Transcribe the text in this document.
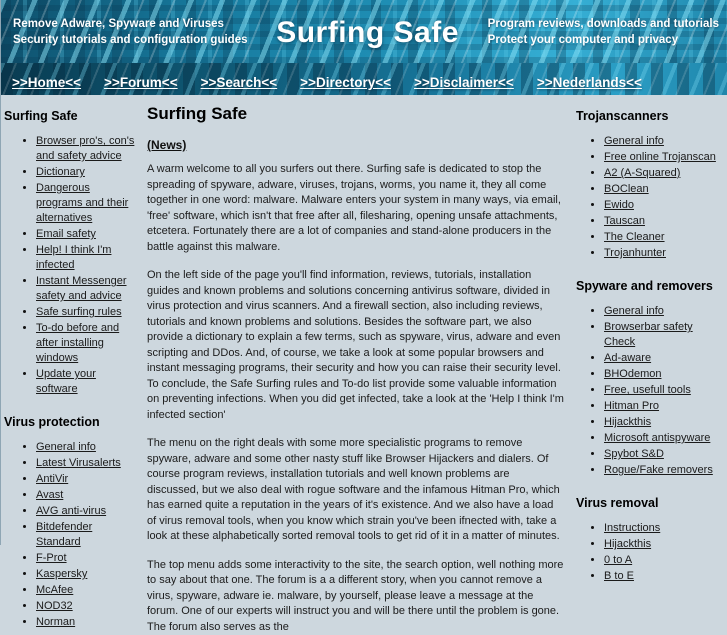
Remove Adware, Spyware and Viruses
Security tutorials and configuration guides Surfing Safe	Program reviews, downloads and tutorials
Protect your computer and privacy
>>Home<< >>Forum<< >>Search<< >>Directory<< >>Disclaimer<< >>Nederlands<<
Surfing Safe
• Browser pro's, con's and safety advice
• Dictionary
• Dangerous programs and their alternatives
• Email safety
• Help! I think I'm infected
• Instant Messenger safety and advice
• Safe surfing rules
• To-do before and after installing windows
• Update your software
Virus protection
• General info
• Latest Virusalerts
• AntiVir
• Avast
• AVG anti-virus
• Bitdefender Standard
• F-Prot
• Kaspersky
• McAfee
• NOD32
• Norman
Surfing Safe
(News)

A warm welcome to all you surfers out there. Surfing safe is dedicated to stop the spreading of spyware, adware, viruses, trojans, worms, you name it, they all come together in one word: malware. Malware enters your system in many ways, via email, 'free' software, which isn't that free after all, filesharing, opening unsafe attachments, etcetera. Fortunately there are a lot of companies and stand-alone producers in the battle against this malware.

On the left side of the page you'll find information, reviews, tutorials, installation guides and known problems and solutions concerning antivirus software, divided in virus protection and virus scanners. And a firewall section, also including reviews, tutorials and known problems and solutions. Besides the software part, we also provide a dictionary to explain a few terms, such as spyware, virus, adware and even scripting and DDos. And, of course, we take a look at some popular browsers and instant messaging programs, their security and how you can raise their security level. To conclude, the Safe Surfing rules and To-do list provide some valuable information on preventing infections. When you did get infected, take a look at the 'Help I think I'm infected section'

The menu on the right deals with some more specialistic programs to remove spyware, adware and some other nasty stuff like Browser Hijackers and dialers. Of course program reviews, installation tutorials and well known problems are discussed, but we also deal with rogue software and the infamous Hitman Pro, which has earned quite a reputation in the years of it's existence. And we also have a load of virus removal tools, when you know which strain you've been ifnected with, take a look at these alphabetically sorted removal tools to get rid of it in a matter of minutes.

The top menu adds some interactivity to the site, the search option, well nothing more to say about that one. The forum is a a different story, when you cannot remove a virus, spyware, adware ie. malware, by yourself, please leave a message at the forum. One of our experts will instruct you and will be there until the problem is gone. The forum also serves as the

Trojanscanners
• General info
• Free online Trojanscan
• A2 (A-Squared)
• BOClean
• Ewido
• Tauscan
• The Cleaner
• Trojanhunter
Spyware and removers
• General info
• Browserbar safety Check
• Ad-aware
• BHOdemon
• Free, usefull tools
• Hitman Pro
• Hijackthis
• Microsoft antispyware
• Spybot S&D
• Rogue/Fake removers
Virus removal
• Instructions
• Hijackthis
• 0 to A
• B to E
